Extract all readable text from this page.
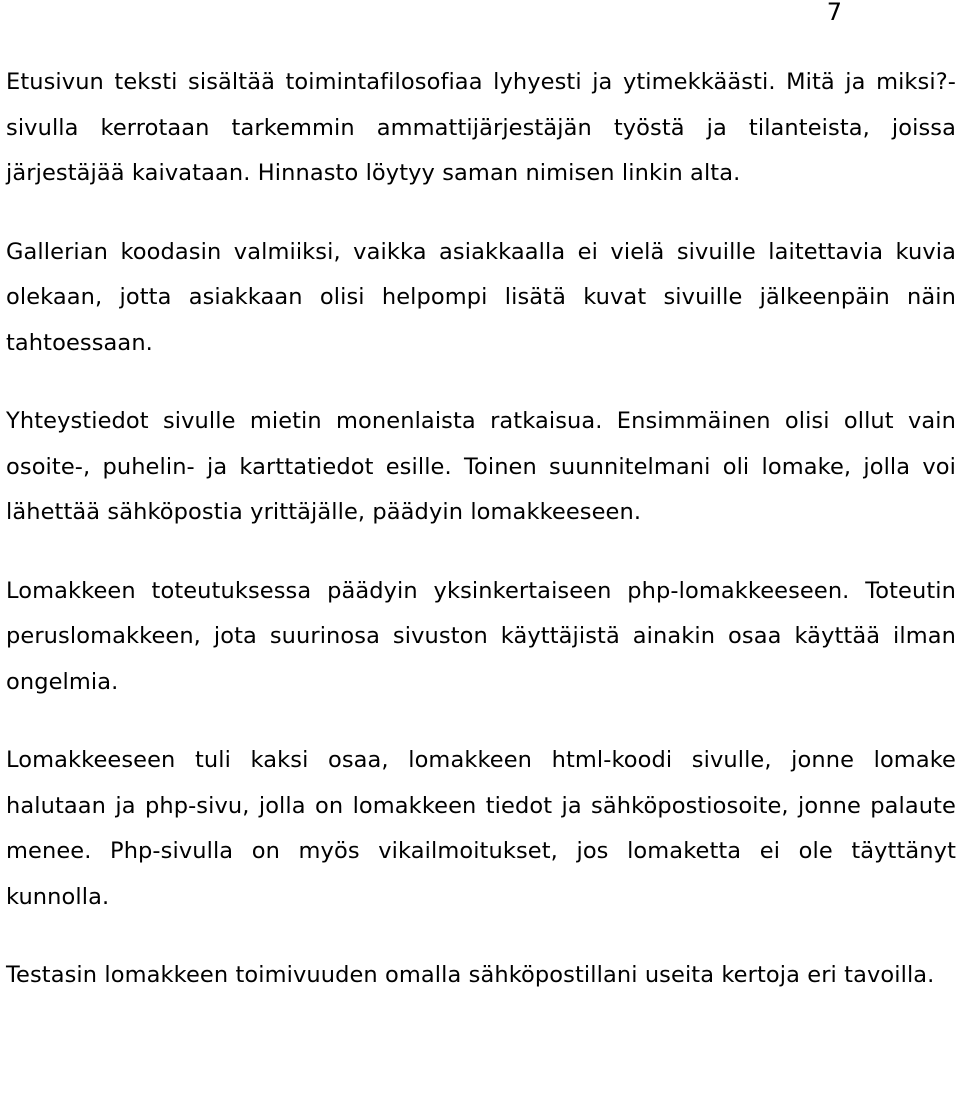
7

Etusivun teksti sisältää toimintafilosofiaa lyhyesti ja ytimekkäästi. Mitä ja miksi?- sivulla kerrotaan tarkemmin ammattijärjestäjän työstä ja tilanteista, joissa järjestäjää kaivataan. Hinnasto löytyy saman nimisen linkin alta.

Gallerian koodasin valmiiksi, vaikka asiakkaalla ei vielä sivuille laitettavia kuvia olekaan, jotta asiakkaan olisi helpompi lisätä kuvat sivuille jälkeenpäin näin tahtoessaan.

Yhteystiedot sivulle mietin monenlaista ratkaisua. Ensimmäinen olisi ollut vain osoite-, puhelin- ja karttatiedot esille. Toinen suunnitelmani oli lomake, jolla voi lähettää sähköpostia yrittäjälle, päädyin lomakkeeseen.

Lomakkeen toteutuksessa päädyin yksinkertaiseen php-lomakkeeseen. Toteutin peruslomakkeen, jota suurinosa sivuston käyttäjistä ainakin osaa käyttää ilman ongelmia.

Lomakkeeseen tuli kaksi osaa, lomakkeen html-koodi sivulle, jonne lomake halutaan ja php-sivu, jolla on lomakkeen tiedot ja sähköpostiosoite, jonne palaute menee. Php-sivulla on myös vikailmoitukset, jos lomaketta ei ole täyttänyt kunnolla.

Testasin lomakkeen toimivuuden omalla sähköpostillani useita kertoja eri tavoilla.
